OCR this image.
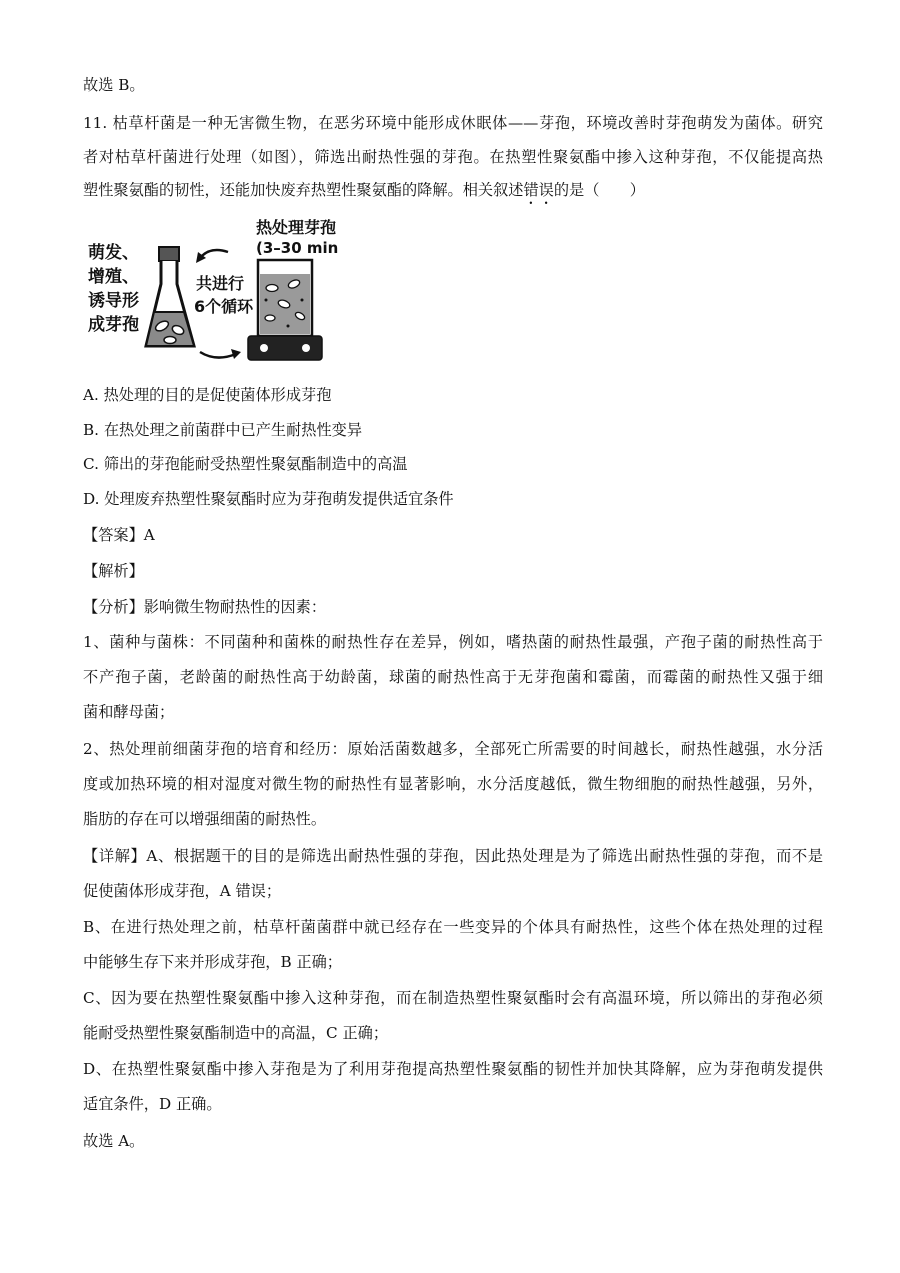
故选 B。
11. 枯草杆菌是一种无害微生物，在恶劣环境中能形成休眠体——芽孢，环境改善时芽孢萌发为菌体。研究
者对枯草杆菌进行处理（如图），筛选出耐热性强的芽孢。在热塑性聚氨酯中掺入这种芽孢，不仅能提高热
塑性聚氨酯的韧性，还能加快废弃热塑性聚氨酯的降解。相关叙述错误的是（　　）
萌发、
增殖、
诱导形
成芽孢
共进行
6个循环
热处理芽孢
(3–30 min)
A. 热处理的目的是促使菌体形成芽孢
B. 在热处理之前菌群中已产生耐热性变异
C. 筛出的芽孢能耐受热塑性聚氨酯制造中的高温
D. 处理废弃热塑性聚氨酯时应为芽孢萌发提供适宜条件
【答案】A
【解析】
【分析】影响微生物耐热性的因素：
1、菌种与菌株：不同菌种和菌株的耐热性存在差异，例如，嗜热菌的耐热性最强，产孢子菌的耐热性高于
不产孢子菌，老龄菌的耐热性高于幼龄菌，球菌的耐热性高于无芽孢菌和霉菌，而霉菌的耐热性又强于细
菌和酵母菌；
2、热处理前细菌芽孢的培育和经历：原始活菌数越多，全部死亡所需要的时间越长，耐热性越强，水分活
度或加热环境的相对湿度对微生物的耐热性有显著影响，水分活度越低，微生物细胞的耐热性越强，另外，
脂肪的存在可以增强细菌的耐热性。
【详解】A、根据题干的目的是筛选出耐热性强的芽孢，因此热处理是为了筛选出耐热性强的芽孢，而不是
促使菌体形成芽孢，A 错误；
B、在进行热处理之前，枯草杆菌菌群中就已经存在一些变异的个体具有耐热性，这些个体在热处理的过程
中能够生存下来并形成芽孢，B 正确；
C、因为要在热塑性聚氨酯中掺入这种芽孢，而在制造热塑性聚氨酯时会有高温环境，所以筛出的芽孢必须
能耐受热塑性聚氨酯制造中的高温，C 正确；
D、在热塑性聚氨酯中掺入芽孢是为了利用芽孢提高热塑性聚氨酯的韧性并加快其降解，应为芽孢萌发提供
适宜条件，D 正确。
故选 A。
